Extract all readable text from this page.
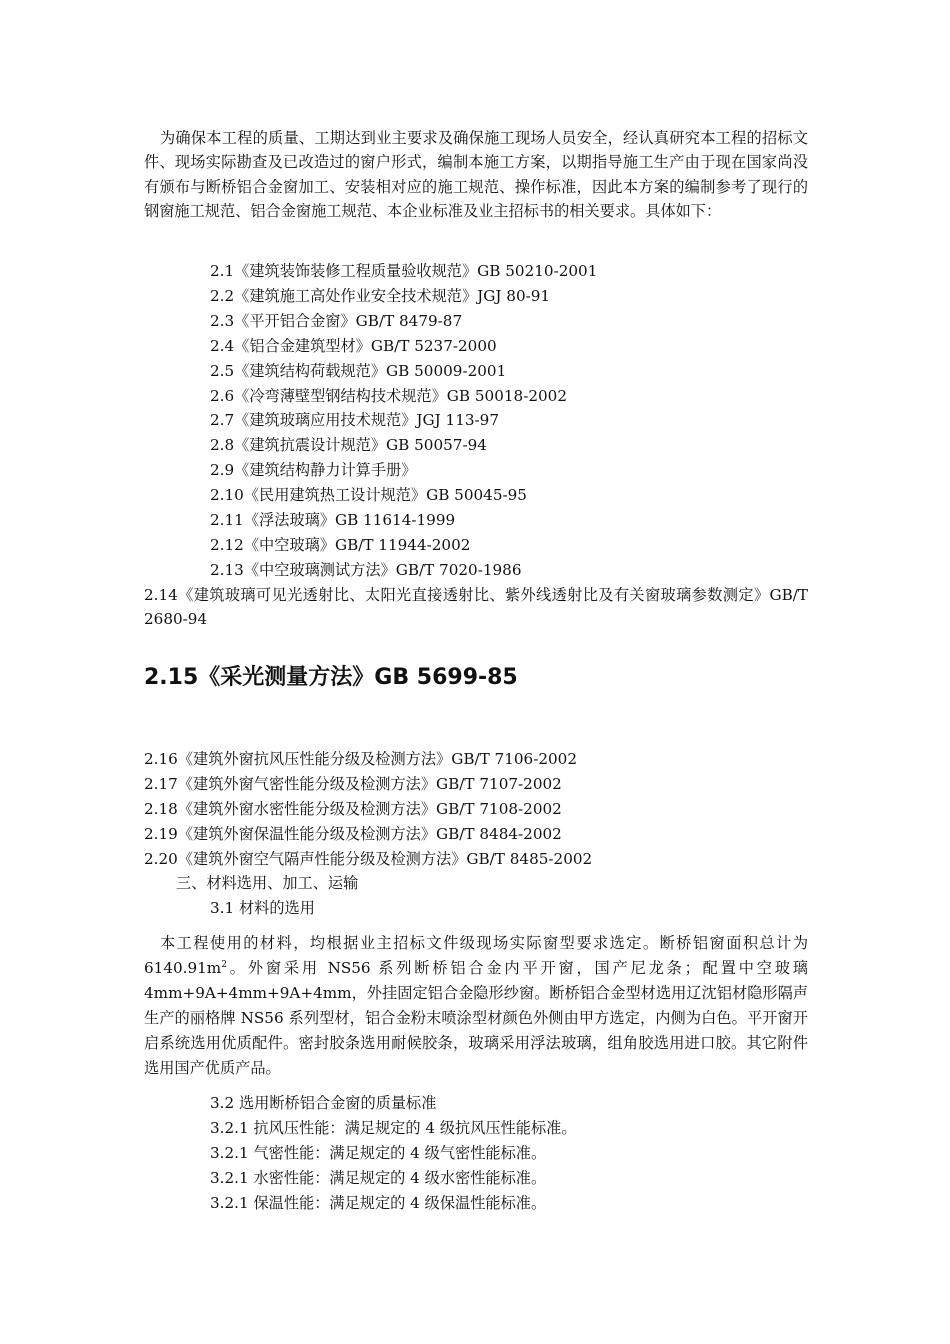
为确保本工程的质量、工期达到业主要求及确保施工现场人员安全，经认真研究本工程的招标文件、现场实际勘查及已改造过的窗户形式，编制本施工方案，以期指导施工生产由于现在国家尚没有颁布与断桥铝合金窗加工、安装相对应的施工规范、操作标准，因此本方案的编制参考了现行的钢窗施工规范、铝合金窗施工规范、本企业标准及业主招标书的相关要求。具体如下：
2.1《建筑装饰装修工程质量验收规范》GB 50210-2001
2.2《建筑施工高处作业安全技术规范》JGJ 80-91
2.3《平开铝合金窗》GB/T 8479-87
2.4《铝合金建筑型材》GB/T 5237-2000
2.5《建筑结构荷载规范》GB 50009-2001
2.6《冷弯薄壁型钢结构技术规范》GB 50018-2002
2.7《建筑玻璃应用技术规范》JGJ 113-97
2.8《建筑抗震设计规范》GB 50057-94
2.9《建筑结构静力计算手册》
2.10《民用建筑热工设计规范》GB 50045-95
2.11《浮法玻璃》GB 11614-1999
2.12《中空玻璃》GB/T 11944-2002
2.13《中空玻璃测试方法》GB/T 7020-1986
2.14《建筑玻璃可见光透射比、太阳光直接透射比、紫外线透射比及有关窗玻璃参数测定》GB/T 2680-94
2.15《采光测量方法》GB 5699-85
2.16《建筑外窗抗风压性能分级及检测方法》GB/T 7106-2002
2.17《建筑外窗气密性能分级及检测方法》GB/T 7107-2002
2.18《建筑外窗水密性能分级及检测方法》GB/T 7108-2002
2.19《建筑外窗保温性能分级及检测方法》GB/T 8484-2002
2.20《建筑外窗空气隔声性能分级及检测方法》GB/T 8485-2002
三、材料选用、加工、运输
3.1 材料的选用
本工程使用的材料，均根据业主招标文件级现场实际窗型要求选定。断桥铝窗面积总计为 $6140.91m^2$。外窗采用 NS56 系列断桥铝合金内平开窗，国产尼龙条；配置中空玻璃 4mm+9A+4mm+9A+4mm，外挂固定铝合金隐形纱窗。断桥铝合金型材选用辽沈铝材隐形隔声生产的丽格牌 NS56 系列型材，铝合金粉末喷涂型材颜色外侧由甲方选定，内侧为白色。平开窗开启系统选用优质配件。密封胶条选用耐候胶条，玻璃采用浮法玻璃，组角胶选用进口胶。其它附件选用国产优质产品。
3.2 选用断桥铝合金窗的质量标准
3.2.1 抗风压性能：满足规定的 4 级抗风压性能标准。
3.2.1 气密性能：满足规定的 4 级气密性能标准。
3.2.1 水密性能：满足规定的 4 级水密性能标准。
3.2.1 保温性能：满足规定的 4 级保温性能标准。
